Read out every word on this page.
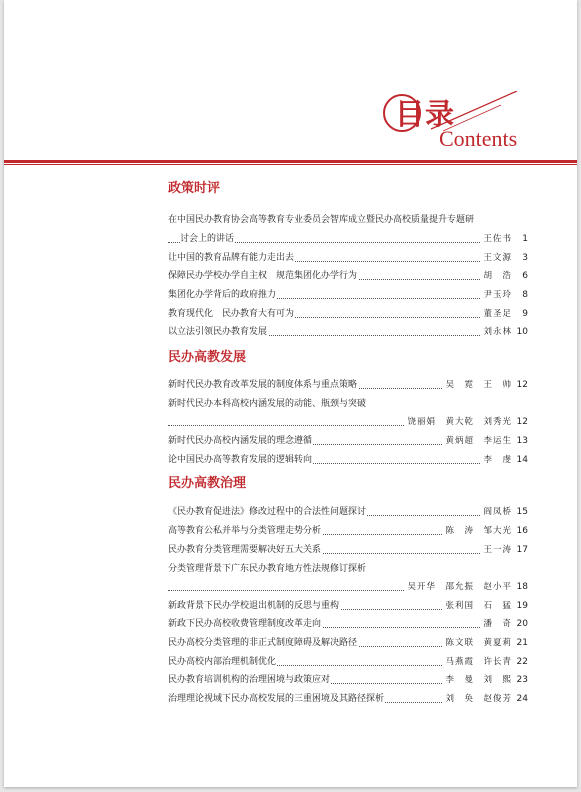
目录
Contents
政策时评
在中国民办教育协会高等教育专业委员会智库成立暨民办高校质量提升专题研
讨会上的讲话	王佐书	1
让中国的教育品牌有能力走出去	王文源	3
保障民办学校办学自主权　规范集团化办学行为	胡　浩	6
集团化办学背后的政府推力	尹玉玲	8
教育现代化　民办教育大有可为	董圣足	9
以立法引领民办教育发展	刘永林 10
民办高教发展
新时代民办教育改革发展的制度体系与重点策略	吴　霓　王　帅 12
新时代民办本科高校内涵发展的动能、瓶颈与突破
饶丽娟　黄大乾　刘秀光 12
新时代民办高校内涵发展的理念遵循	黄炳超　李运生 13
论中国民办高等教育发展的逻辑转向	李　虔 14
民办高教治理
《民办教育促进法》修改过程中的合法性问题探讨	阎凤桥 15
高等教育公私并举与分类管理走势分析	陈　涛　邹大光 16
民办教育分类管理需要解决好五大关系	王一涛 17
分类管理背景下广东民办教育地方性法规修订探析
吴开华　邵允振　赵小平 18
新政背景下民办学校退出机制的反思与重构	张利国　石　猛 19
新政下民办高校收费管理制度改革走向	潘　奇 20
民办高校分类管理的非正式制度障碍及解决路径	陈文联　黄夏莉 21
民办高校内部治理机制优化	马燕霞　许长青 22
民办教育培训机构的治理困境与政策应对	李　曼　刘　熙 23
治理理论视域下民办高校发展的三重困境及其路径探析	刘　奂　赵俊芳 24
